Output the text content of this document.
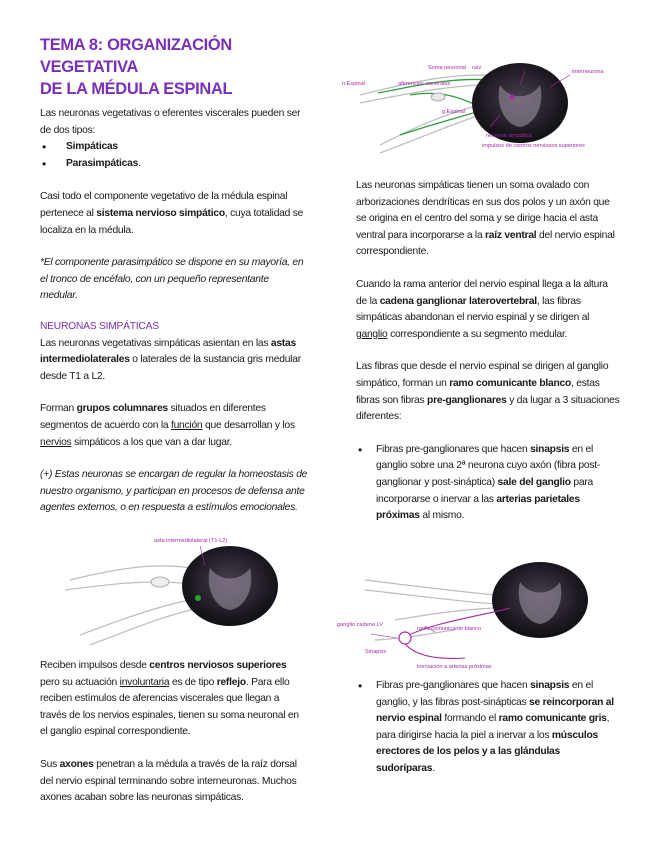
TEMA 8: ORGANIZACIÓN VEGETATIVA
DE LA MÉDULA ESPINAL
Las neuronas vegetativas o eferentes viscerales pueden ser de dos tipos:
• Simpáticas
• Parasimpáticas.

Casi todo el componente vegetativo de la médula espinal pertenece al sistema nervioso simpático, cuya totalidad se localiza en la médula.

*El componente parasimpático se dispone en su mayoría, en el tronco de encéfalo, con un pequeño representante medular.

NEURONAS SIMPÁTICAS

Las neuronas vegetativas simpáticas asientan en las astas intermediolaterales o laterales de la sustancia gris medular desde T1 a L2.

Forman grupos columnares situados en diferentes segmentos de acuerdo con la función que desarrollan y los nervios simpáticos a los que van a dar lugar.

(+) Estas neuronas se encargan de regular la homeostasis de nuestro organismo, y participan en procesos de defensa ante agentes externos, o en respuesta a estímulos emocionales.

Reciben impulsos desde centros nerviosos superiores pero su actuación involuntaria es de tipo reflejo. Para ello reciben estímulos de aferencias viscerales que llegan a través de los nervios espinales, tienen su soma neuronal en el ganglio espinal correspondiente.

Sus axones penetran a la médula a través de la raíz dorsal del nervio espinal terminando sobre interneuronas. Muchos axones acaban sobre las neuronas simpáticas.

Las neuronas simpáticas tienen un soma ovalado con arborizaciones dendríticas en sus dos polos y un axón que se origina en el centro del soma y se dirige hacia el asta ventral para incorporarse a la raíz ventral del nervio espinal correspondiente.

Cuando la rama anterior del nervio espinal llega a la altura de la cadena ganglionar laterovertebral, las fibras simpáticas abandonan el nervio espinal y se dirigen al ganglio correspondiente a su segmento medular.

Las fibras que desde el nervio espinal se dirigen al ganglio simpático, forman un ramo comunicante blanco, estas fibras son fibras pre-ganglionares y da lugar a 3 situaciones diferentes:

• Fibras pre-ganglionares que hacen sinapsis en el ganglio sobre una 2ª neurona cuyo axón (fibra post-ganglionar y post-sináptica) sale del ganglio para incorporarse o inervar a las arterias parietales próximas al mismo.
• Fibras pre-ganglionares que hacen sinapsis en el ganglio, y las fibras post-sinápticas se reincorporan al nervio espinal formando el ramo comunicante gris, para dirigirse hacia la piel a inervar a los músculos erectores de los pelos y a las glándulas sudoríparas.
Soma neuronal raíz
interneurona
n.Espinal	aferencias viscerales
g.Espinal
neurona simpática
impulsos de centros nerviosos superiores
asta intermediolateral (T1-L2)
ganglio cadena LV
ramo comunicante blanco
Sinapsis
inervación a arterias próximas
